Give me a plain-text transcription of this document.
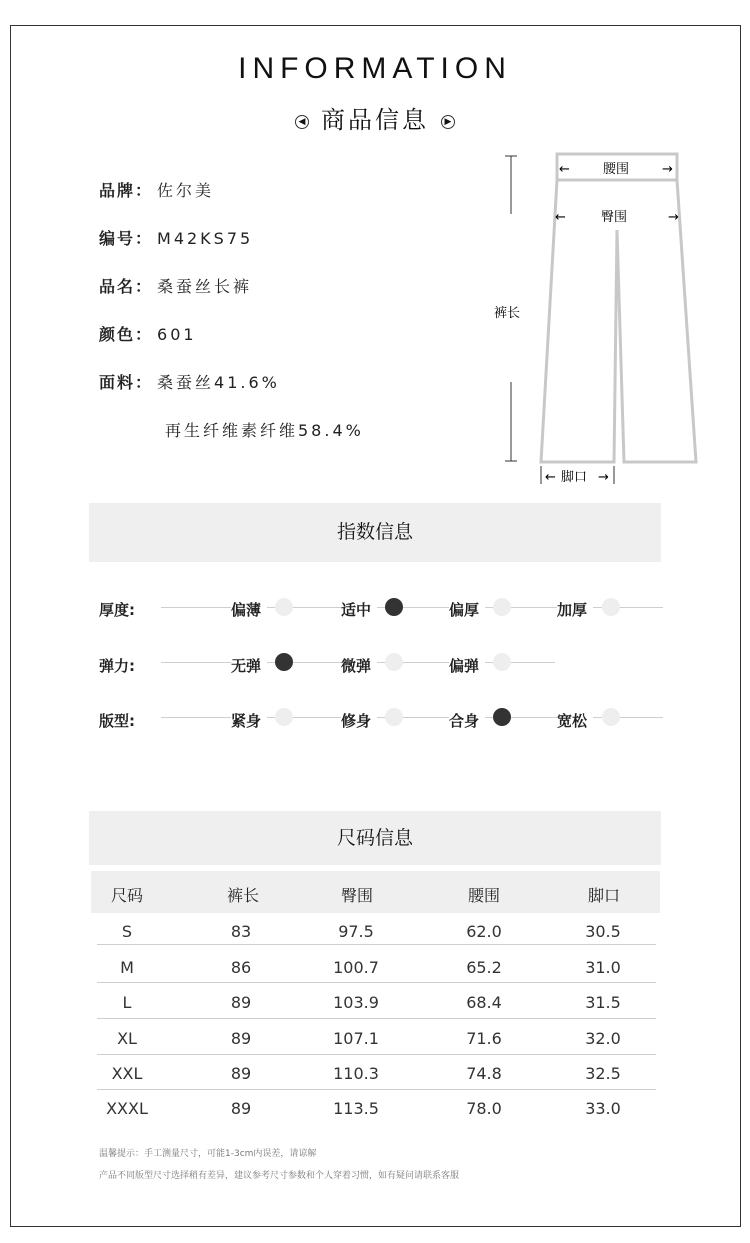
INFORMATION
◀ 商品信息 ▶
品牌： 佐尔美
编号： M42KS75
品名： 桑蚕丝长裤
颜色： 601
面料： 桑蚕丝41.6%
再生纤维素纤维58.4%
←	→
腰围
←	→
臀围
裤长
←	→
脚口
指数信息
厚度:	偏薄	适中	偏厚	加厚
弹力:	无弹	微弹	偏弹
版型:	紧身	修身	合身	宽松
尺码信息
尺码	裤长	臀围	腰围	脚口
S	83	97.5	62.0	30.5
M	86	100.7	65.2	31.0
L	89	103.9	68.4	31.5
XL	89	107.1	71.6	32.0
XXL	89	110.3	74.8	32.5
XXXL	89	113.5	78.0	33.0
温馨提示：手工测量尺寸，可能1-3cm内误差，请谅解
产品不同版型尺寸选择稍有差异，建议参考尺寸参数和个人穿着习惯，如有疑问请联系客服
